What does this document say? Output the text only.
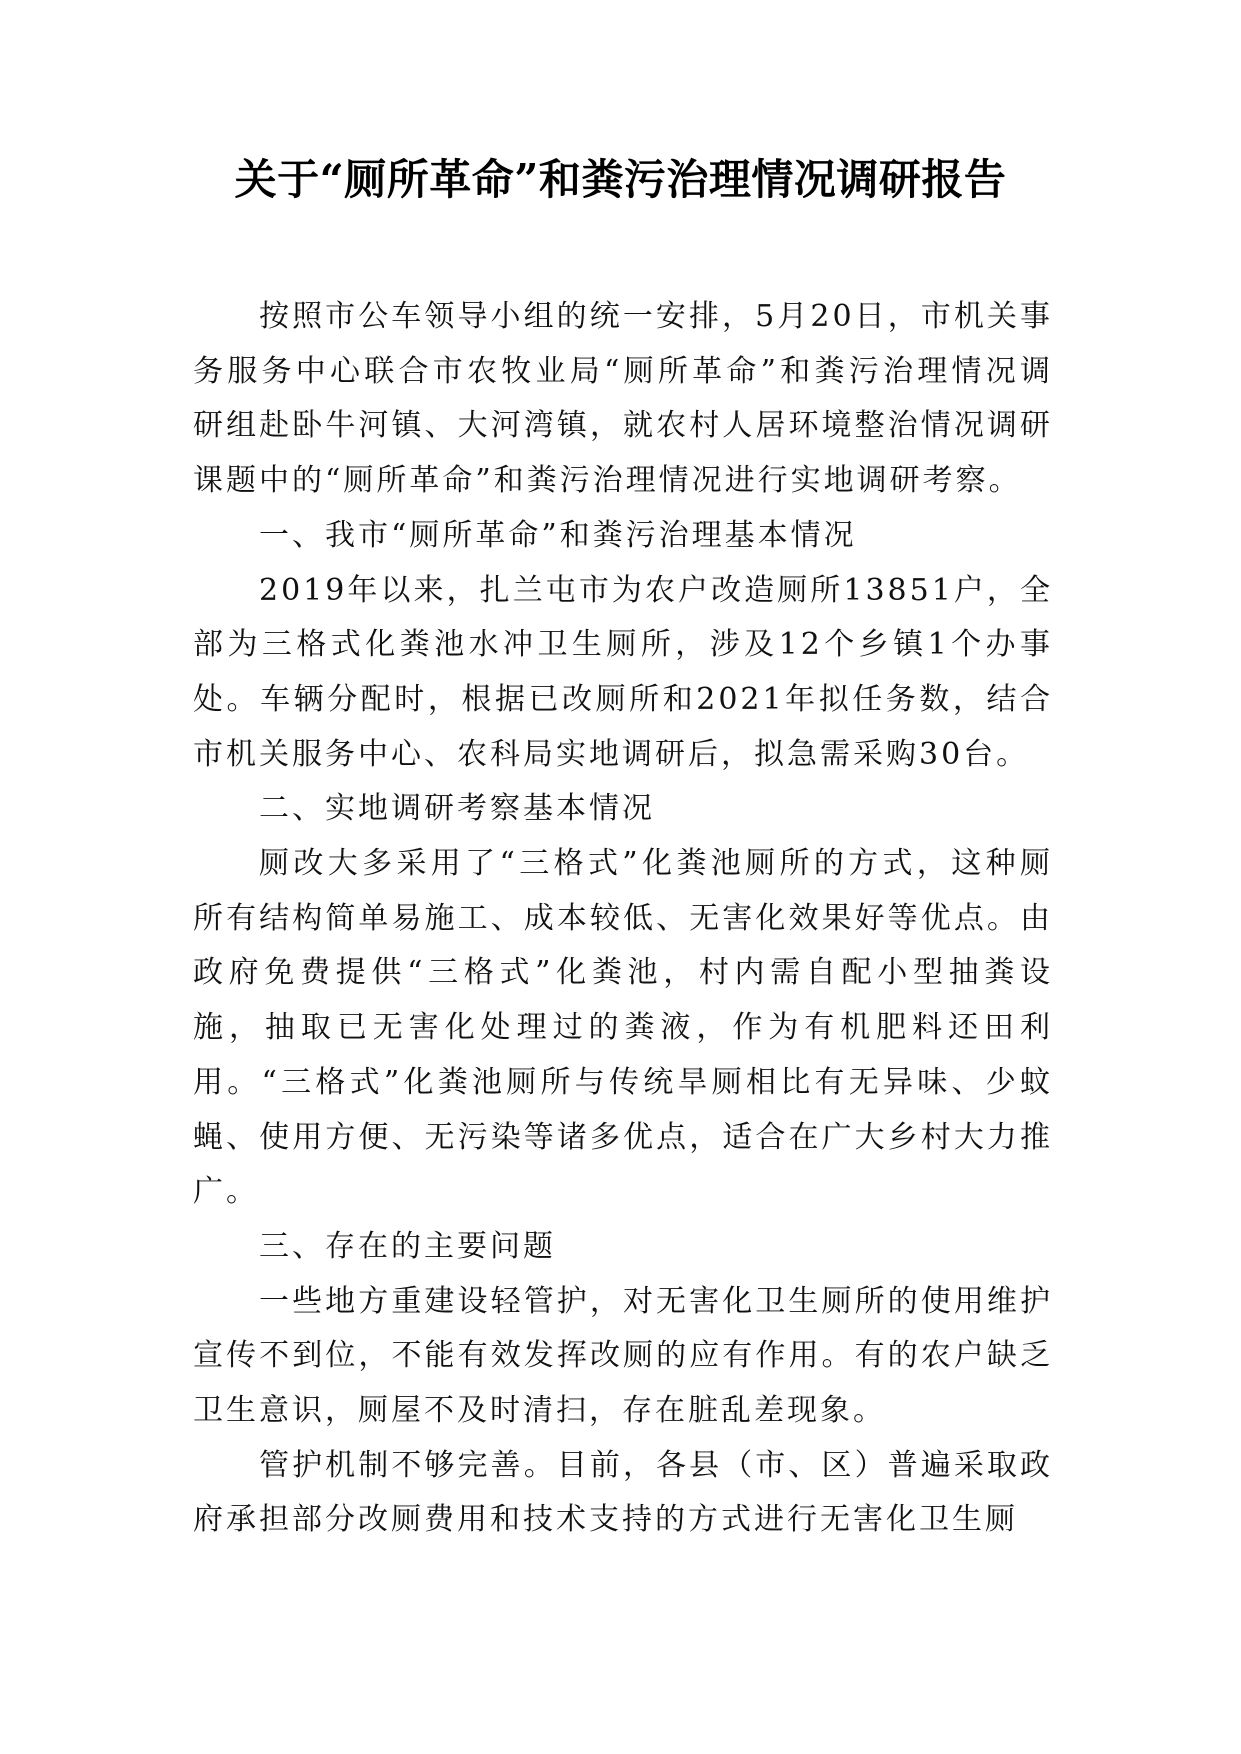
关于“厕所革命”和粪污治理情况调研报告

按照市公车领导小组的统一安排，5月20日，市机关事务服务中心联合市农牧业局“厕所革命”和粪污治理情况调研组赴卧牛河镇、大河湾镇，就农村人居环境整治情况调研课题中的“厕所革命”和粪污治理情况进行实地调研考察。

一、我市“厕所革命”和粪污治理基本情况

2019年以来，扎兰屯市为农户改造厕所13851户，全部为三格式化粪池水冲卫生厕所，涉及12个乡镇1个办事处。车辆分配时，根据已改厕所和2021年拟任务数，结合市机关服务中心、农科局实地调研后，拟急需采购30台。

二、实地调研考察基本情况

厕改大多采用了“三格式”化粪池厕所的方式，这种厕所有结构简单易施工、成本较低、无害化效果好等优点。由政府免费提供“三格式”化粪池，村内需自配小型抽粪设施，抽取已无害化处理过的粪液，作为有机肥料还田利用。“三格式”化粪池厕所与传统旱厕相比有无异味、少蚊蝇、使用方便、无污染等诸多优点，适合在广大乡村大力推广。

三、存在的主要问题

一些地方重建设轻管护，对无害化卫生厕所的使用维护宣传不到位，不能有效发挥改厕的应有作用。有的农户缺乏卫生意识，厕屋不及时清扫，存在脏乱差现象。

管护机制不够完善。目前，各县（市、区）普遍采取政府承担部分改厕费用和技术支持的方式进行无害化卫生厕
